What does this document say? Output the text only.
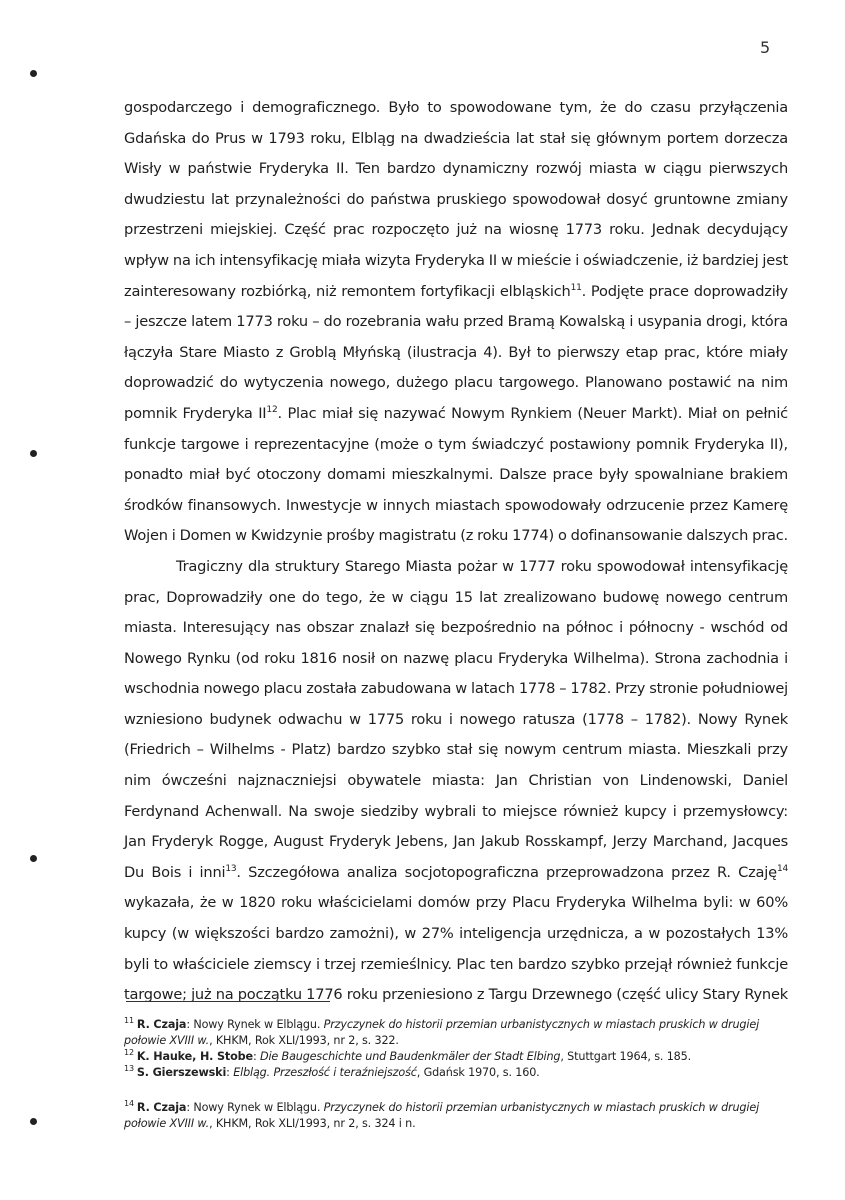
5

gospodarczego i demograficznego. Było to spowodowane tym, że do czasu przyłączenia Gdańska do Prus w 1793 roku, Elbląg na dwadzieścia lat stał się głównym portem dorzecza Wisły w państwie Fryderyka II. Ten bardzo dynamiczny rozwój miasta w ciągu pierwszych dwudziestu lat przynależności do państwa pruskiego spowodował dosyć gruntowne zmiany przestrzeni miejskiej. Część prac rozpoczęto już na wiosnę 1773 roku. Jednak decydujący wpływ na ich intensyfikację miała wizyta Fryderyka II w mieście i oświadczenie, iż bardziej jest zainteresowany rozbiórką, niż remontem fortyfikacji elbląskich$^{11}$. Podjęte prace doprowadziły – jeszcze latem 1773 roku – do rozebrania wału przed Bramą Kowalską i usypania drogi, która łączyła Stare Miasto z Groblą Młyńską (ilustracja 4). Był to pierwszy etap prac, które miały doprowadzić do wytyczenia nowego, dużego placu targowego. Planowano postawić na nim pomnik Fryderyka II$^{12}$. Plac miał się nazywać Nowym Rynkiem (Neuer Markt). Miał on pełnić funkcje targowe i reprezentacyjne (może o tym świadczyć postawiony pomnik Fryderyka II), ponadto miał być otoczony domami mieszkalnymi. Dalsze prace były spowalniane brakiem środków finansowych. Inwestycje w innych miastach spowodowały odrzucenie przez Kamerę
Wojen i Domen w Kwidzynie prośby magistratu (z roku 1774) o dofinansowanie dalszych prac.

Tragiczny dla struktury Starego Miasta pożar w 1777 roku spowodował intensyfikację prac, Doprowadziły one do tego, że w ciągu 15 lat zrealizowano budowę nowego centrum miasta. Interesujący nas obszar znalazł się bezpośrednio na północ i północny - wschód od Nowego Rynku (od roku 1816 nosił on nazwę placu Fryderyka Wilhelma). Strona zachodnia i wschodnia nowego placu została zabudowana w latach 1778 – 1782. Przy stronie południowej wzniesiono budynek odwachu w 1775 roku i nowego ratusza (1778 – 1782). Nowy Rynek (Friedrich – Wilhelms - Platz) bardzo szybko stał się nowym centrum miasta. Mieszkali przy nim ówcześni najznaczniejsi obywatele miasta: Jan Christian von Lindenowski, Daniel Ferdynand Achenwall. Na swoje siedziby wybrali to miejsce również kupcy i przemysłowcy: Jan Fryderyk Rogge, August Fryderyk Jebens, Jan Jakub Rosskampf, Jerzy Marchand, Jacques Du Bois i inni$^{13}$. Szczegółowa analiza socjotopograficzna przeprowadzona przez R. Czaję$^{14}$ wykazała, że w 1820 roku właścicielami domów przy Placu Fryderyka Wilhelma byli: w 60% kupcy (w większości bardzo zamożni), w 27% inteligencja urzędnicza, a w pozostałych 13% byli to właściciele ziemscy i trzej rzemieślnicy. Plac ten bardzo szybko przejął również funkcje targowe; już na początku 1776 roku przeniesiono z Targu Drzewnego (część ulicy Stary Rynek

$^{11}$ R. Czaja: Nowy Rynek w Elblągu. Przyczynek do historii przemian urbanistycznych w miastach pruskich w drugiej połowie XVIII w., KHKM, Rok XLI/1993, nr 2, s. 322.

$^{12}$ K. Hauke, H. Stobe: Die Baugeschichte und Baudenkmäler der Stadt Elbing, Stuttgart 1964, s. 185.

$^{13}$ S. Gierszewski: Elbląg. Przeszłość i teraźniejszość, Gdańsk 1970, s. 160.

$^{14}$ R. Czaja: Nowy Rynek w Elblągu. Przyczynek do historii przemian urbanistycznych w miastach pruskich w drugiej połowie XVIII w., KHKM, Rok XLI/1993, nr 2, s. 324 i n.
